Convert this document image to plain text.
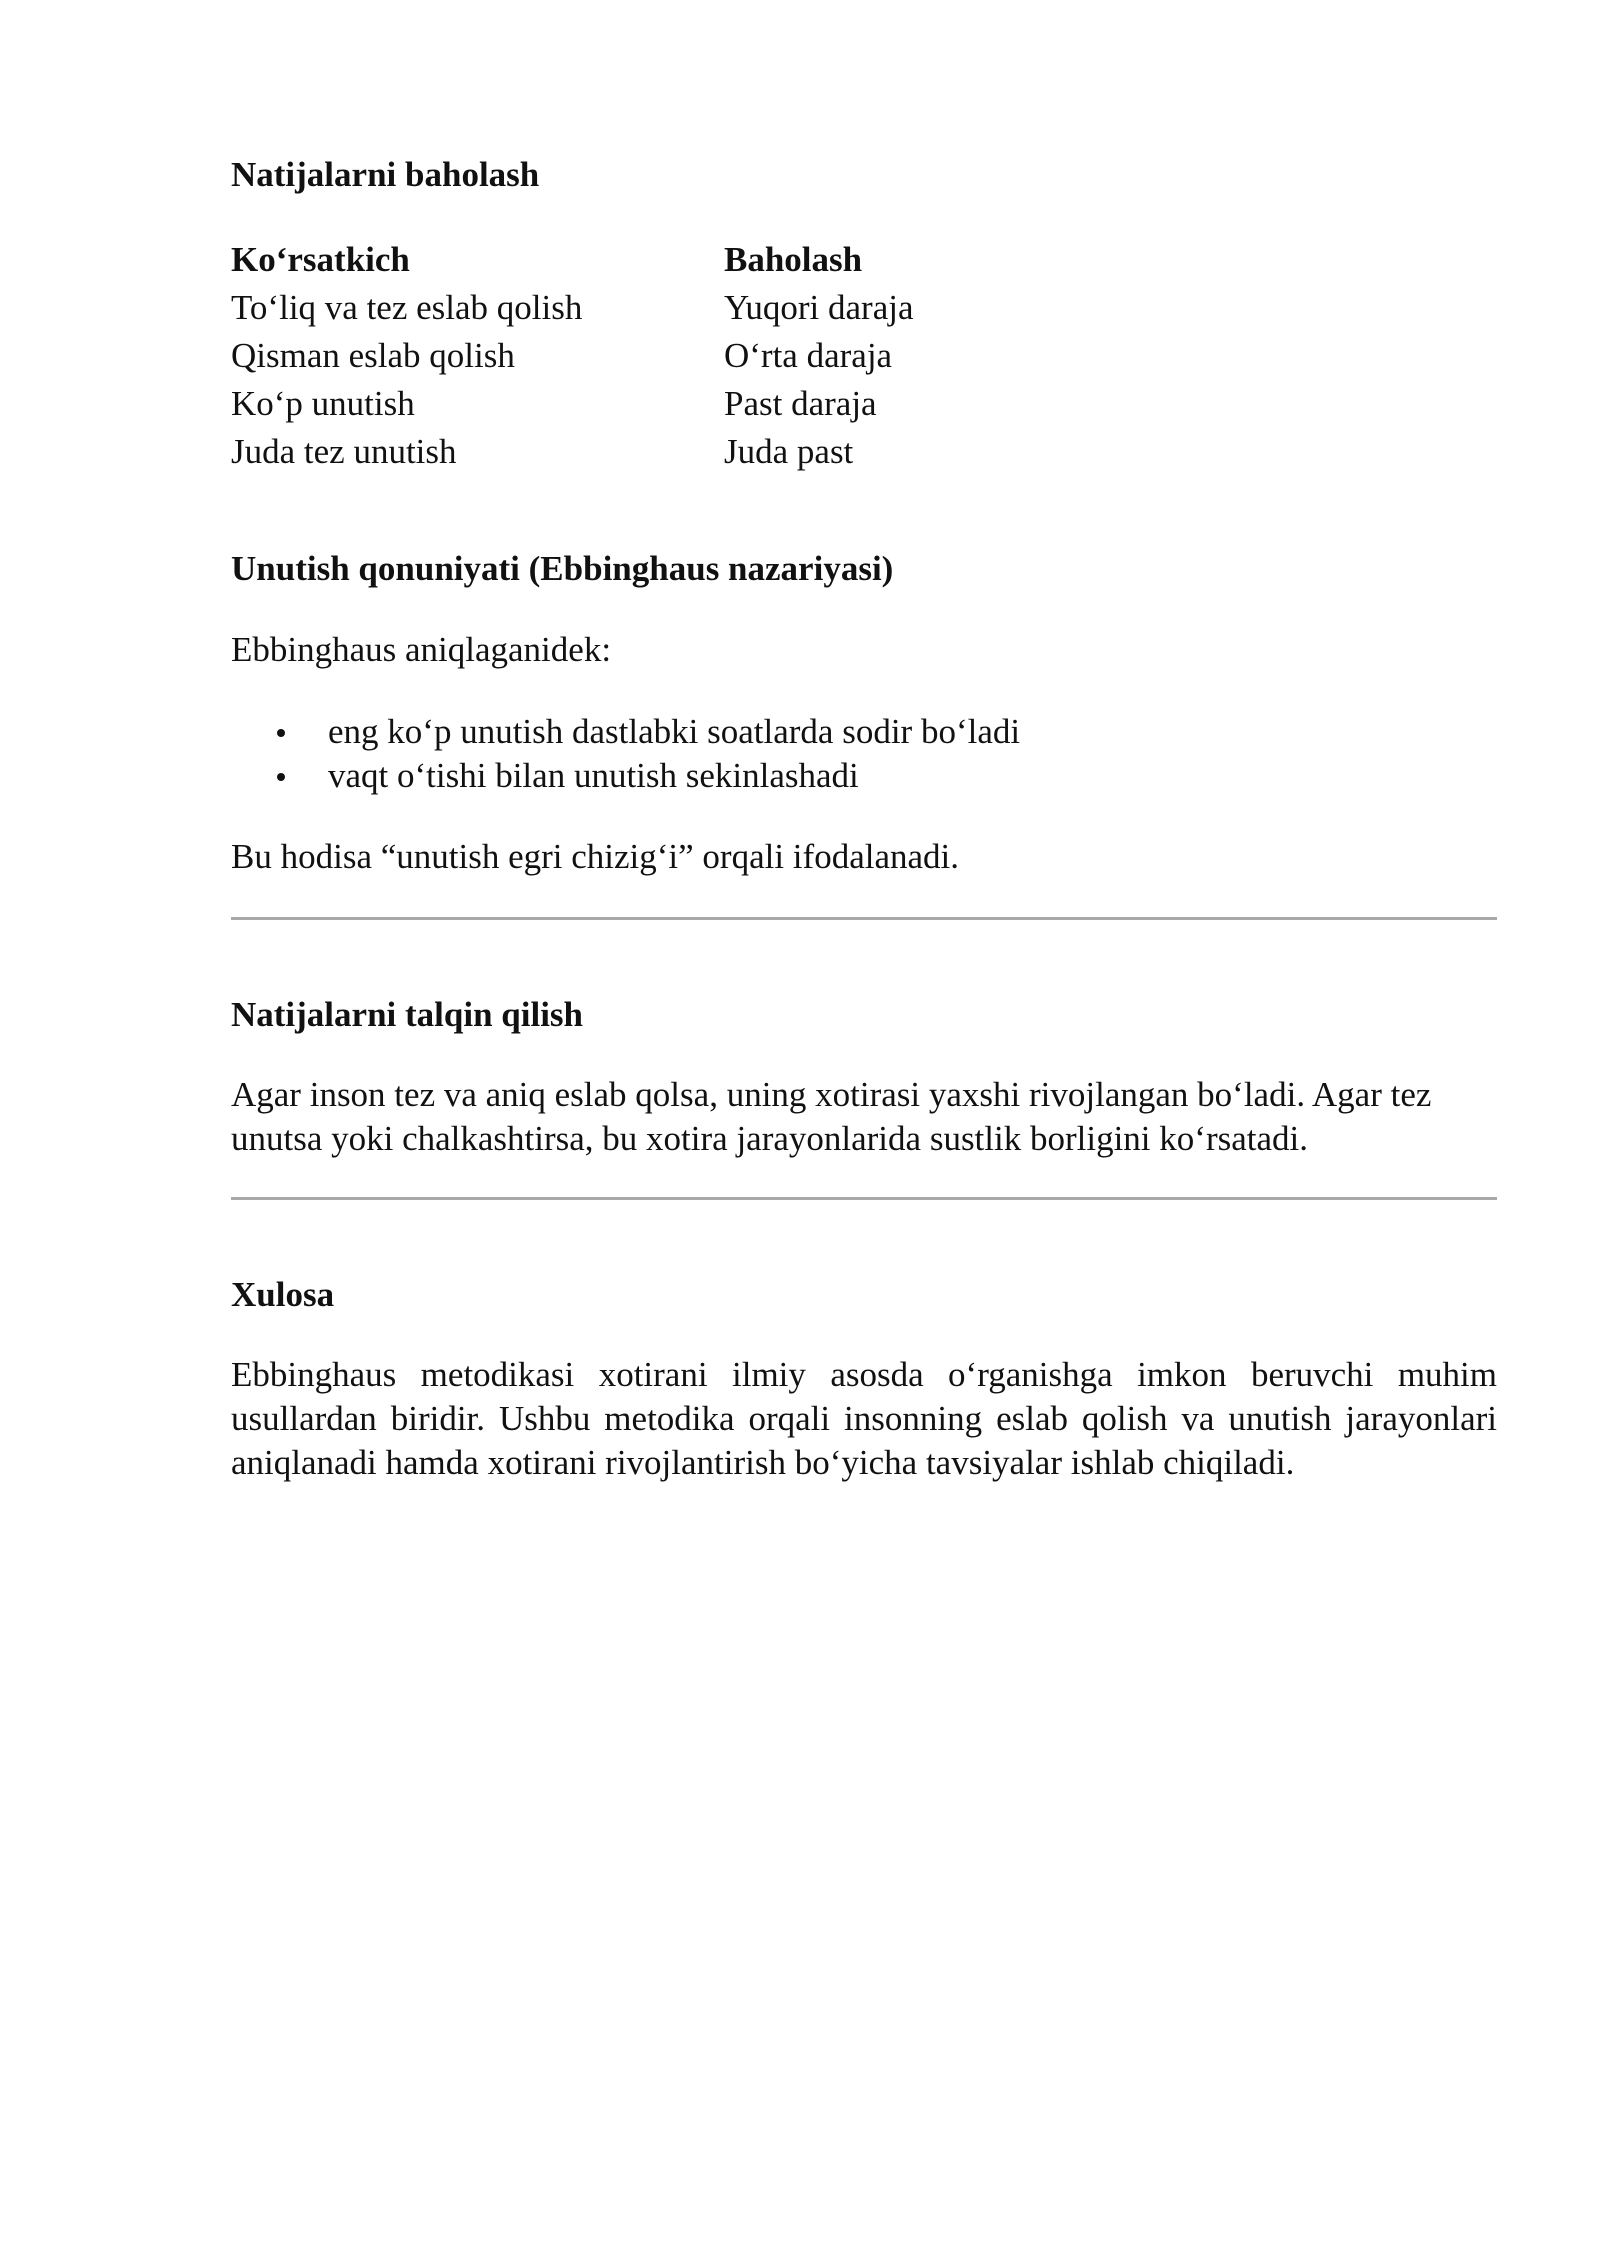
Natijalarni baholash
Ko‘rsatkich	Baholash
To‘liq va tez eslab qolish	Yuqori daraja
Qisman eslab qolish	O‘rta daraja
Ko‘p unutish	Past daraja
Juda tez unutish	Juda past
Unutish qonuniyati (Ebbinghaus nazariyasi)

Ebbinghaus aniqlaganidek:

eng ko‘p unutish dastlabki soatlarda sodir bo‘ladi
vaqt o‘tishi bilan unutish sekinlashadi

Bu hodisa “unutish egri chizig‘i” orqali ifodalanadi.

Natijalarni talqin qilish

Agar inson tez va aniq eslab qolsa, uning xotirasi yaxshi rivojlangan bo‘ladi. Agar tez unutsa yoki chalkashtirsa, bu xotira jarayonlarida sustlik borligini ko‘rsatadi.

Xulosa

Ebbinghaus metodikasi xotirani ilmiy asosda o‘rganishga imkon beruvchi muhim usullardan biridir. Ushbu metodika orqali insonning eslab qolish va unutish jarayonlari aniqlanadi hamda xotirani rivojlantirish bo‘yicha tavsiyalar ishlab chiqiladi.
